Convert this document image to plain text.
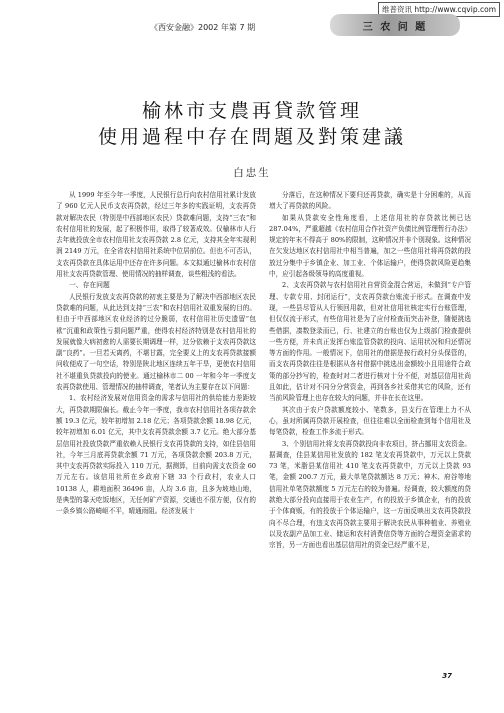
维普资讯 http://www.cqvip.com
《西安金融》2002 年第 7 期	三 农 问 题
榆林市支農再貸款管理
使用過程中存在問題及對策建議
白忠生

从 1999 年至今年一季度，人民银行总行向农村信用社累计发放了 960 亿元人民币支农再贷款，经过三年多的实践证明，支农再贷款对解决农民（特别是中西部地区农民）贷款难问题，支持“三农”和农村信用社的发展，起了积极作用，取得了较著成效。仅榆林市人行去年就投放全市农村信用社支农再贷款 2.8 亿元，支持其全年实现利润 2149 万元，在全省农村信用社系统中位居前位。但也不可否认，支农再贷款在具体运用中还存在许多问题。本文拟通过榆林市农村信用社支农再贷款管理、使用情况的抽样调查，谈些粗浅的看法。

一、存在问题

人民银行发放支农再贷款的初衷主要是为了解决中西部地区农民贷款难的问题，从此达到支持“三农”和农村信用社双重发展的目的。但由于中西部地区农业经济的过分脆弱，农村信用社历史遗留“包袱”沉重和政策性亏损问题严重，使得农村经济特别是农村信用社的发展就像大病初愈的人需要长期调理一样，过分依赖于支农再贷款这副“良药”。一旦若天离药，不堪甘露，完全要义上的支农再贷款接额问收便成了一句空话，特别是陕北地区连续五年干旱，更使农村信用社不堪重负贷款投向的使业。通过榆林市二 00 一年和今年一季度支农再贷款使用、管理情况的抽样调查，笔者认为主要存在以下问题：

1、农村经济发展对信用资金的需求与信用社的供给能力差距较大，再贷款期限偏长。截止今年一季度，我市农村信用社各项存款余额 19.3 亿元，较年初增加 2.18 亿元；各项贷款余额 18.98 亿元，较年初增加 6.01 亿元，其中支农再贷款余额 3.7 亿元。绝大部分基层信用社投放贷款严重依赖人民银行支农再贷款的支持，如佳县信用社，今年三月底再贷款余额 71 万元，各项贷款余额 203.8 万元，其中支农再贷款实际投入 110 万元，据测算，目前向需支农资金 60 万元左右。该信用社所在乡政府下辖 33 个行政村，农业人口 10138 人，耕地面积 36496 亩，人均 3.6 亩，且多为坡地山地，是典型的靠天吃饭地区，无任何矿产资源，交通也不很方便，仅有的一条乡镇公路崎岖不平，晴通雨阻。经济发展十

分落后，在这种情况下要归还再贷款，确实是十分困难的，从而增大了再贷款的风险。

如果从贷款安全性角度看，上述信用社的存贷款比例已达 287.04%，严重超越《农村信用合作社资产负债比例管理暂行办法》规定的年末不得高于 80%的限制，这种情况并非个别现象。这种情况在欠发达地区农村信用社中相当普遍，加之一些信用社将再贷款的投放过分集中于乡镇企业、加工业、个体运输户，使得贷款风险更趋集中，应引起各级领导的高度重视。

2、支农再贷款与农村信用社自营资金混合营运，未做到“专户管理、专款专用、封闭运行”，支农再贷款台账流于形式。在调查中发现，一些县尽管从人行领回用款，但对社信用社核定实行台账管理，但仅仅流于形式，有些信用社是为了应付检查而突击补登，随便挑选些借据，凑数登录而已，行、社建立的台账也仅为上级部门检查提供一些方便，并未真正发挥台账监管贷款的投向、运用状况和归还情况等方面的作用。一般情况下，信用社的借据是按行政村分头保管的，而支农再贷款往往是根据从各村借据中挑选出金额较小且用途符合政策的部分抄写的，检查时对二者进行核对十分不便，对基层信用社尚且如此，估计对不同分分营资金，再到各乡社采借其它的风险，还有当前风险管理上也存在较大的问题，并非在长在这里。

其次由于农户贷款额度较小、笔数多，县支行在管理上力不从心，虽对所属再贷款开展检查，但往往难以全面检查到每个信用社及每笔贷款，检查工作多流于形式。

3、个别信用社将支农再贷款投向非农项目，挤占挪用支农资金。据调查，佳县某信用社发放的 182 笔支农再贷款中，万元以上贷款 73 笔，米脂县某信用社 410 笔支农再贷款中，万元以上贷款 93 笔，金额 200.7 万元，最大单笔贷款额达 8 万元；神木、府谷等地信用社单笔贷款额度 5 万元左右的较为普遍。经调查，较大额度的贷款绝大部分投向直接用于农业生产，有的投放于乡镇企业，有的投放于个体商贩，有的投放于个体运输户，这一方面反映出支农再贷款投向不尽合理，有违支农再贷款主要用于解决农民从事种植业、养殖业以及农副产品加工业、储运和农村消费信贷等方面的合理资金需求的宗旨，另一方面也看出基层信用社的资金已经严重不足，

37
